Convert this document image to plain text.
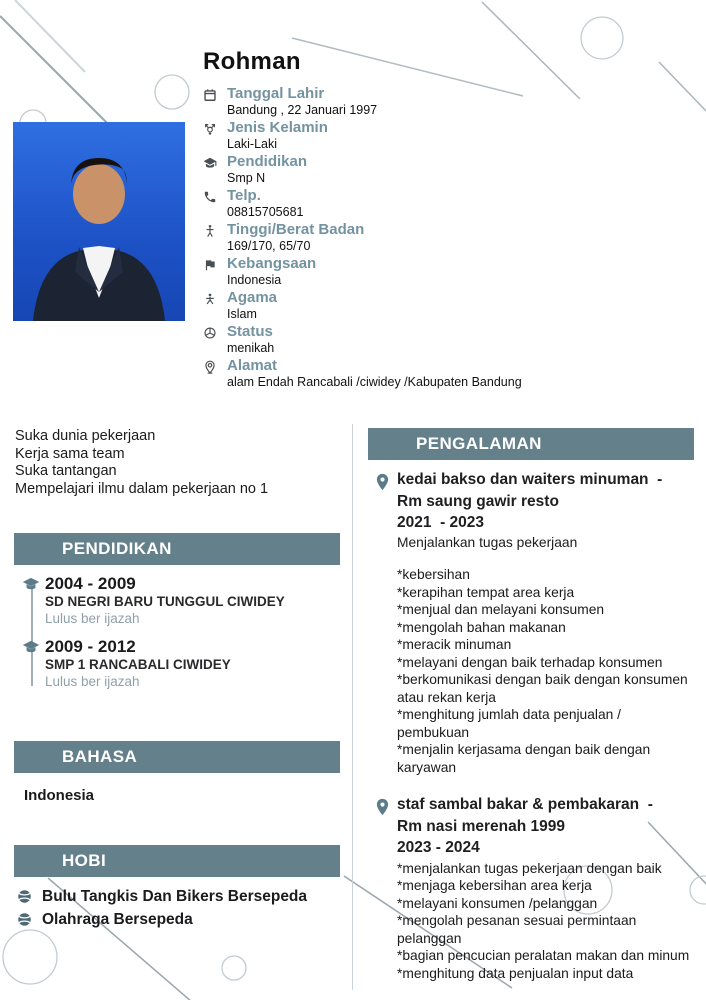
Rohman
Tanggal Lahir
Bandung , 22 Januari 1997
Jenis Kelamin
Laki-Laki
Pendidikan
Smp N
Telp.
08815705681
Tinggi/Berat Badan
169/170, 65/70
Kebangsaan
Indonesia
Agama
Islam
Status
menikah
Alamat
alam Endah Rancabali /ciwidey /Kabupaten Bandung
Suka dunia pekerjaan
Kerja sama team
Suka tantangan
Mempelajari ilmu dalam pekerjaan no 1
PENDIDIKAN
2004 - 2009
SD NEGRI BARU TUNGGUL CIWIDEY
Lulus ber ijazah
2009 - 2012
SMP 1 RANCABALI CIWIDEY
Lulus ber ijazah
BAHASA
Indonesia
HOBI
Bulu Tangkis Dan Bikers Bersepeda
Olahraga Bersepeda
PENGALAMAN
kedai bakso dan waiters minuman  -
Rm saung gawir resto
2021  - 2023
Menjalankan tugas pekerjaan
*kebersihan
*kerapihan tempat area kerja
*menjual dan melayani konsumen
*mengolah bahan makanan
*meracik minuman
*melayani dengan baik terhadap konsumen
*berkomunikasi dengan baik dengan konsumen atau rekan kerja
*menghitung jumlah data penjualan / pembukuan
*menjalin kerjasama dengan baik dengan karyawan
staf sambal bakar & pembakaran  -
Rm nasi merenah 1999
2023 - 2024
*menjalankan tugas pekerjaan dengan baik
*menjaga kebersihan area kerja
*melayani konsumen /pelanggan
*mengolah pesanan sesuai permintaan pelanggan
*bagian pencucian peralatan makan dan minum
*menghitung data penjualan input data
